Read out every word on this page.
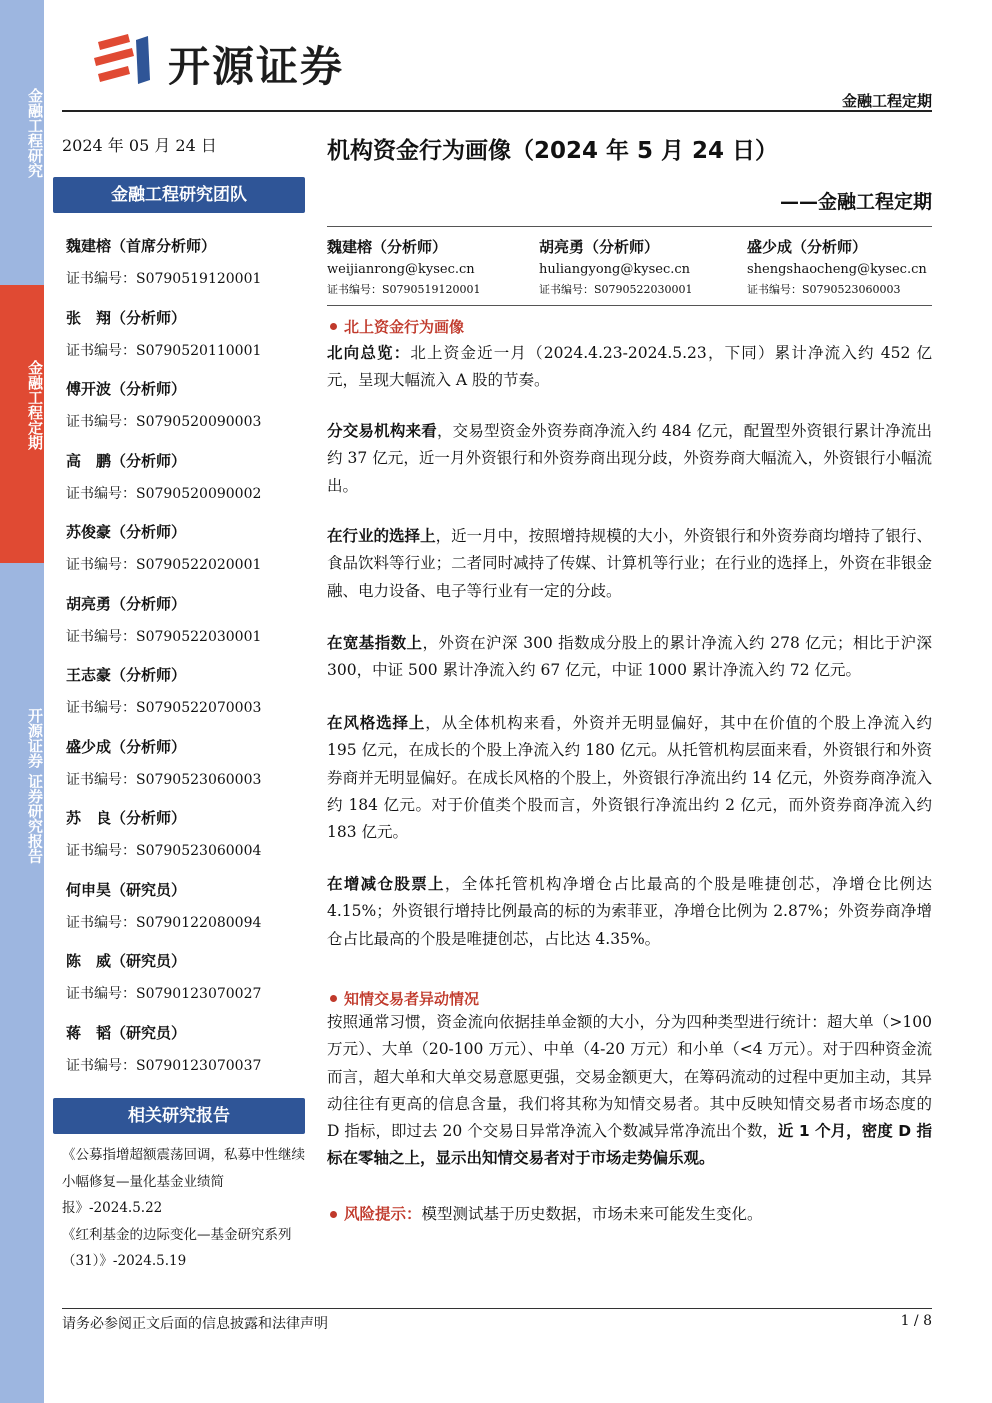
金融工程研究
金融工程定期
开源证券 证券研究报告
开源证券
金融工程定期
2024 年 05 月 24 日
金融工程研究团队
魏建榕（首席分析师）
证书编号：S0790519120001
张　翔（分析师）
证书编号：S0790520110001
傅开波（分析师）
证书编号：S0790520090003
高　鹏（分析师）
证书编号：S0790520090002
苏俊豪（分析师）
证书编号：S0790522020001
胡亮勇（分析师）
证书编号：S0790522030001
王志豪（分析师）
证书编号：S0790522070003
盛少成（分析师）
证书编号：S0790523060003
苏　良（分析师）
证书编号：S0790523060004
何申昊（研究员）
证书编号：S0790122080094
陈　威（研究员）
证书编号：S0790123070027
蒋　韬（研究员）
证书编号：S0790123070037
相关研究报告
《公募指增超额震荡回调，私募中性继续小幅修复—量化基金业绩简报》-2024.5.22
《红利基金的边际变化—基金研究系列（31）》-2024.5.19
机构资金行为画像（2024 年 5 月 24 日）
——金融工程定期
魏建榕（分析师）
weijianrong@kysec.cn
证书编号：S0790519120001
胡亮勇（分析师）
huliangyong@kysec.cn
证书编号：S0790522030001
盛少成（分析师）
shengshaocheng@kysec.cn
证书编号：S0790523060003
北上资金行为画像
北向总览：北上资金近一月（2024.4.23-2024.5.23，下同）累计净流入约 452 亿元，呈现大幅流入 A 股的节奏。
分交易机构来看，交易型资金外资券商净流入约 484 亿元，配置型外资银行累计净流出约 37 亿元，近一月外资银行和外资券商出现分歧，外资券商大幅流入，外资银行小幅流出。
在行业的选择上，近一月中，按照增持规模的大小，外资银行和外资券商均增持了银行、食品饮料等行业；二者同时减持了传媒、计算机等行业；在行业的选择上，外资在非银金融、电力设备、电子等行业有一定的分歧。
在宽基指数上，外资在沪深 300 指数成分股上的累计净流入约 278 亿元；相比于沪深 300，中证 500 累计净流入约 67 亿元，中证 1000 累计净流入约 72 亿元。
在风格选择上，从全体机构来看，外资并无明显偏好，其中在价值的个股上净流入约 195 亿元，在成长的个股上净流入约 180 亿元。从托管机构层面来看，外资银行和外资券商并无明显偏好。在成长风格的个股上，外资银行净流出约 14 亿元，外资券商净流入约 184 亿元。对于价值类个股而言，外资银行净流出约 2 亿元，而外资券商净流入约 183 亿元。
在增减仓股票上，全体托管机构净增仓占比最高的个股是唯捷创芯，净增仓比例达 4.15%；外资银行增持比例最高的标的为索菲亚，净增仓比例为 2.87%；外资券商净增仓占比最高的个股是唯捷创芯，占比达 4.35%。
知情交易者异动情况
按照通常习惯，资金流向依据挂单金额的大小，分为四种类型进行统计：超大单（>100 万元）、大单（20-100 万元）、中单（4-20 万元）和小单（<4 万元）。对于四种资金流而言，超大单和大单交易意愿更强，交易金额更大，在筹码流动的过程中更加主动，其异动往往有更高的信息含量，我们将其称为知情交易者。其中反映知情交易者市场态度的 D 指标，即过去 20 个交易日异常净流入个数减异常净流出个数，近 1 个月，密度 D 指标在零轴之上，显示出知情交易者对于市场走势偏乐观。
风险提示：模型测试基于历史数据，市场未来可能发生变化。
请务必参阅正文后面的信息披露和法律声明	1 / 8
